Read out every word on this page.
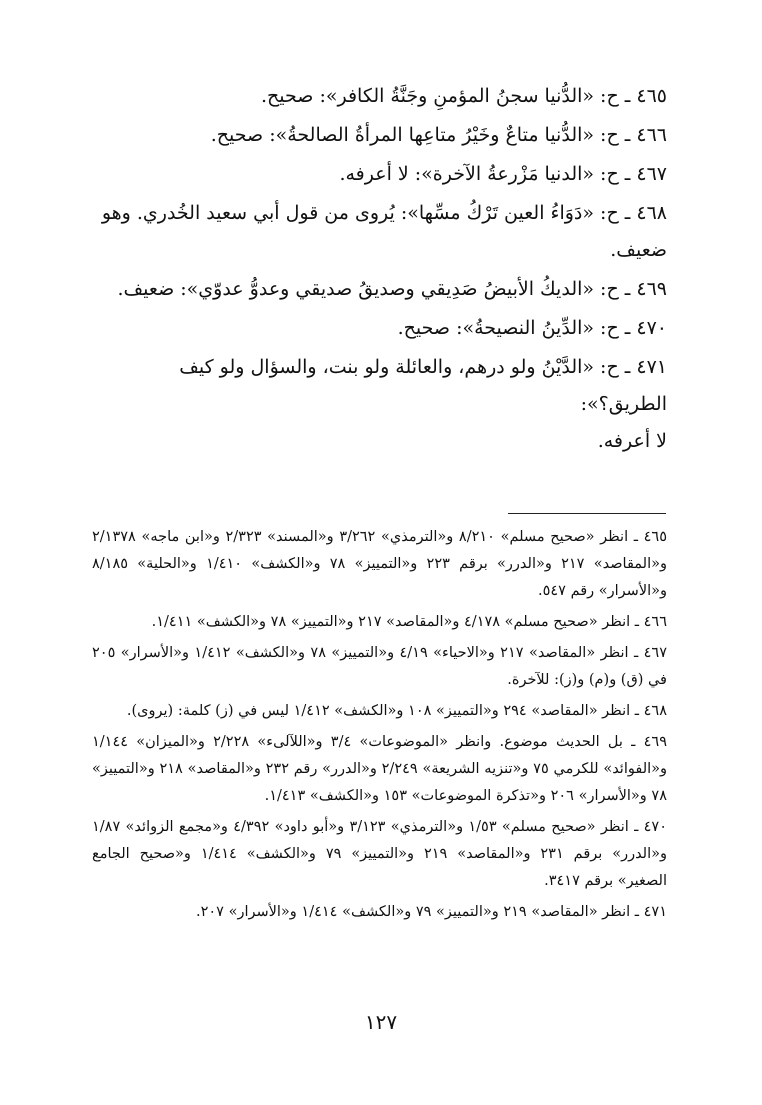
٤٦٥ ـ ح: «الدُّنيا سجنُ المؤمنِ وجَنَّةُ الكافر»: صحيح.

٤٦٦ ـ ح: «الدُّنيا متاعٌ وخَيْرُ متاعِها المرأةُ الصالحةُ»: صحيح.

٤٦٧ ـ ح: «الدنيا مَزْرعةُ الآخرة»: لا أعرفه.

٤٦٨ ـ ح: «دَوَاءُ العين تَرْكُ مسِّها»: يُروى من قول أبي سعيد الخُدري. وهو
ضعيف.

٤٦٩ ـ ح: «الديكُ الأبيضُ صَدِيقي وصديقُ صديقي وعدوُّ عدوّي»: ضعيف.

٤٧٠ ـ ح: «الدِّينُ النصيحةُ»: صحيح.

٤٧١ ـ ح: «الدَّيْنُ ولو درهم، والعائلة ولو بنت، والسؤال ولو كيف الطريق؟»:
لا أعرفه.

٤٦٥ ـ انظر «صحيح مسلم» ٨/٢١٠ و«الترمذي» ٣/٢٦٢ و«المسند» ٢/٣٢٣ و«ابن ماجه» ٢/١٣٧٨ و«المقاصد» ٢١٧ و«الدرر» برقم ٢٢٣ و«التمييز» ٧٨ و«الكشف» ١/٤١٠ و«الحلية» ٨/١٨٥ و«الأسرار» رقم ٥٤٧.

٤٦٦ ـ انظر «صحيح مسلم» ٤/١٧٨ و«المقاصد» ٢١٧ و«التمييز» ٧٨ و«الكشف» ١/٤١١.

٤٦٧ ـ انظر «المقاصد» ٢١٧ و«الاحياء» ٤/١٩ و«التمييز» ٧٨ و«الكشف» ١/٤١٢ و«الأسرار» ٢٠٥ في (ق) و(م) و(ز): للآخرة.

٤٦٨ ـ انظر «المقاصد» ٢٩٤ و«التمييز» ١٠٨ و«الكشف» ١/٤١٢ ليس في (ز) كلمة: (يروى).

٤٦٩ ـ بل الحديث موضوع. وانظر «الموضوعات» ٣/٤ و«اللآلىء» ٢/٢٢٨ و«الميزان» ١/١٤٤ و«الفوائد» للكرمي ٧٥ و«تنزيه الشريعة» ٢/٢٤٩ و«الدرر» رقم ٢٣٢ و«المقاصد» ٢١٨ و«التمييز» ٧٨ و«الأسرار» ٢٠٦ و«تذكرة الموضوعات» ١٥٣ و«الكشف» ١/٤١٣.

٤٧٠ ـ انظر «صحيح مسلم» ١/٥٣ و«الترمذي» ٣/١٢٣ و«أبو داود» ٤/٣٩٢ و«مجمع الزوائد» ١/٨٧ و«الدرر» برقم ٢٣١ و«المقاصد» ٢١٩ و«التمييز» ٧٩ و«الكشف» ١/٤١٤ و«صحيح الجامع الصغير» برقم ٣٤١٧.

٤٧١ ـ انظر «المقاصد» ٢١٩ و«التمييز» ٧٩ و«الكشف» ١/٤١٤ و«الأسرار» ٢٠٧.

١٢٧
